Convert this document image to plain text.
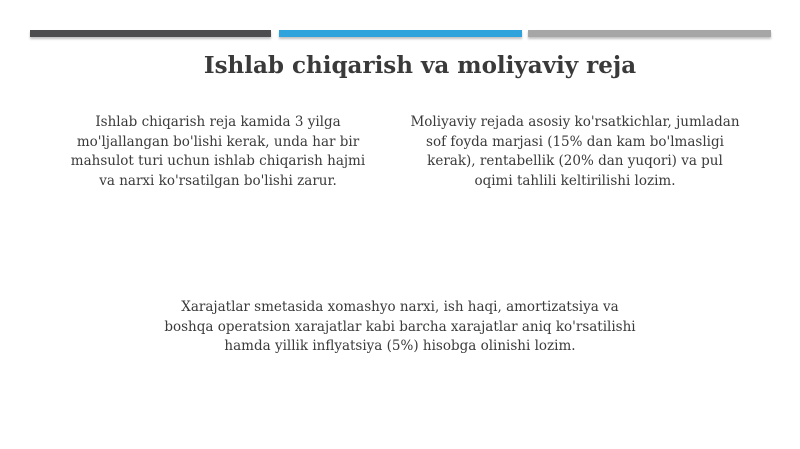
Ishlab chiqarish va moliyaviy reja
Ishlab chiqarish reja kamida 3 yilga
mo'ljallangan bo'lishi kerak, unda har bir
mahsulot turi uchun ishlab chiqarish hajmi
va narxi ko'rsatilgan bo'lishi zarur.
Moliyaviy rejada asosiy ko'rsatkichlar, jumladan
sof foyda marjasi (15% dan kam bo'lmasligi
kerak), rentabellik (20% dan yuqori) va pul
oqimi tahlili keltirilishi lozim.
Xarajatlar smetasida xomashyo narxi, ish haqi, amortizatsiya va
boshqa operatsion xarajatlar kabi barcha xarajatlar aniq ko'rsatilishi
hamda yillik inflyatsiya (5%) hisobga olinishi lozim.
